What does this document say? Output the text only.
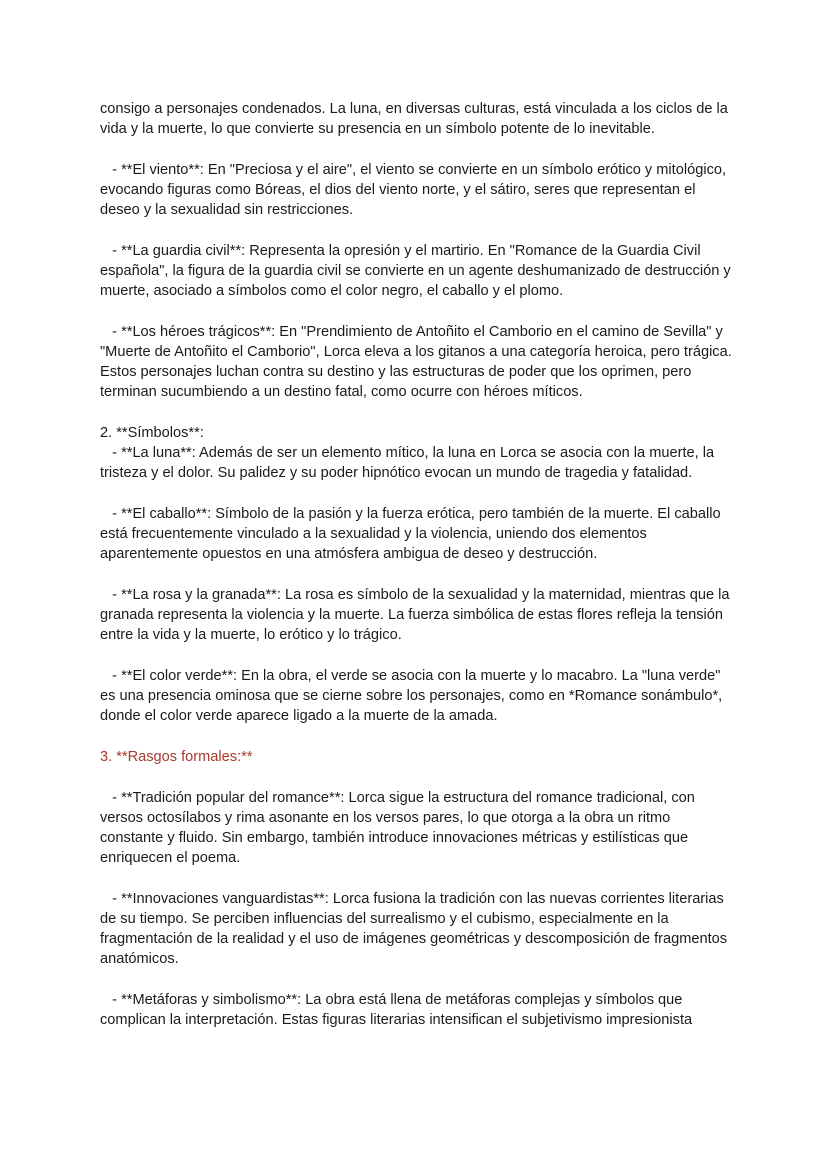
consigo a personajes condenados. La luna, en diversas culturas, está vinculada a los ciclos de la vida y la muerte, lo que convierte su presencia en un símbolo potente de lo inevitable.

- **El viento**: En "Preciosa y el aire", el viento se convierte en un símbolo erótico y mitológico, evocando figuras como Bóreas, el dios del viento norte, y el sátiro, seres que representan el deseo y la sexualidad sin restricciones.

- **La guardia civil**: Representa la opresión y el martirio. En "Romance de la Guardia Civil española", la figura de la guardia civil se convierte en un agente deshumanizado de destrucción y muerte, asociado a símbolos como el color negro, el caballo y el plomo.

- **Los héroes trágicos**: En "Prendimiento de Antoñito el Camborio en el camino de Sevilla" y "Muerte de Antoñito el Camborio", Lorca eleva a los gitanos a una categoría heroica, pero trágica. Estos personajes luchan contra su destino y las estructuras de poder que los oprimen, pero terminan sucumbiendo a un destino fatal, como ocurre con héroes míticos.

2. **Símbolos**:

- **La luna**: Además de ser un elemento mítico, la luna en Lorca se asocia con la muerte, la tristeza y el dolor. Su palidez y su poder hipnótico evocan un mundo de tragedia y fatalidad.

- **El caballo**: Símbolo de la pasión y la fuerza erótica, pero también de la muerte. El caballo está frecuentemente vinculado a la sexualidad y la violencia, uniendo dos elementos aparentemente opuestos en una atmósfera ambigua de deseo y destrucción.

- **La rosa y la granada**: La rosa es símbolo de la sexualidad y la maternidad, mientras que la granada representa la violencia y la muerte. La fuerza simbólica de estas flores refleja la tensión entre la vida y la muerte, lo erótico y lo trágico.

- **El color verde**: En la obra, el verde se asocia con la muerte y lo macabro. La "luna verde" es una presencia ominosa que se cierne sobre los personajes, como en *Romance sonámbulo*, donde el color verde aparece ligado a la muerte de la amada.

3. **Rasgos formales:**

- **Tradición popular del romance**: Lorca sigue la estructura del romance tradicional, con versos octosílabos y rima asonante en los versos pares, lo que otorga a la obra un ritmo constante y fluido. Sin embargo, también introduce innovaciones métricas y estilísticas que enriquecen el poema.

- **Innovaciones vanguardistas**: Lorca fusiona la tradición con las nuevas corrientes literarias de su tiempo. Se perciben influencias del surrealismo y el cubismo, especialmente en la fragmentación de la realidad y el uso de imágenes geométricas y descomposición de fragmentos anatómicos.

- **Metáforas y simbolismo**: La obra está llena de metáforas complejas y símbolos que complican la interpretación. Estas figuras literarias intensifican el subjetivismo impresionista
